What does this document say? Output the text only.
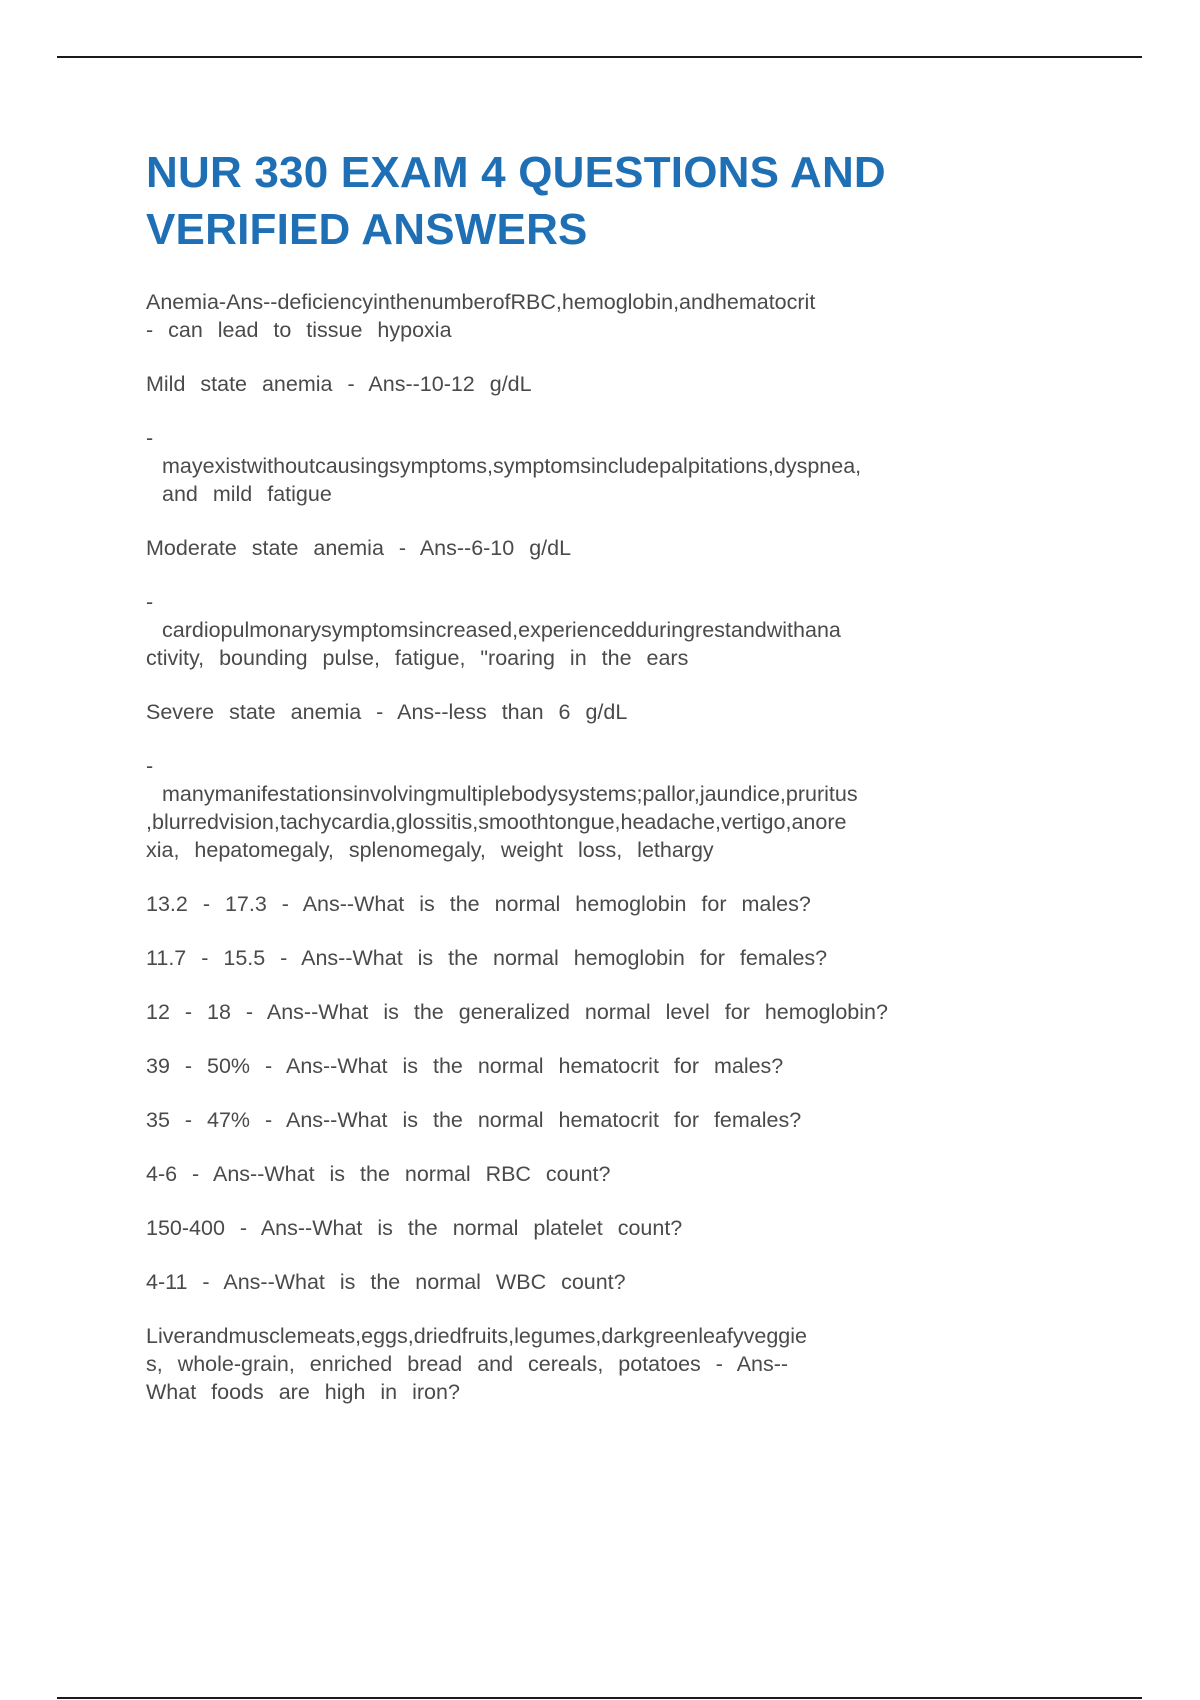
NUR 330 EXAM 4 QUESTIONS AND
VERIFIED ANSWERS
Anemia-Ans--deficiencyinthenumberofRBC,hemoglobin,andhematocrit
- can lead to tissue hypoxia
Mild state anemia - Ans--10-12 g/dL
-
mayexistwithoutcausingsymptoms,symptomsincludepalpitations,dyspnea,
and mild fatigue
Moderate state anemia - Ans--6-10 g/dL
-
cardiopulmonarysymptomsincreased,experiencedduringrestandwithana
ctivity, bounding pulse, fatigue, "roaring in the ears
Severe state anemia - Ans--less than 6 g/dL
-
manymanifestationsinvolvingmultiplebodysystems;pallor,jaundice,pruritus
,blurredvision,tachycardia,glossitis,smoothtongue,headache,vertigo,anore
xia, hepatomegaly, splenomegaly, weight loss, lethargy
13.2 - 17.3 - Ans--What is the normal hemoglobin for males?
11.7 - 15.5 - Ans--What is the normal hemoglobin for females?
12 - 18 - Ans--What is the generalized normal level for hemoglobin?
39 - 50% - Ans--What is the normal hematocrit for males?
35 - 47% - Ans--What is the normal hematocrit for females?
4-6 - Ans--What is the normal RBC count?
150-400 - Ans--What is the normal platelet count?
4-11 - Ans--What is the normal WBC count?
Liverandmusclemeats,eggs,driedfruits,legumes,darkgreenleafyveggie
s, whole-grain, enriched bread and cereals, potatoes - Ans--
What foods are high in iron?
